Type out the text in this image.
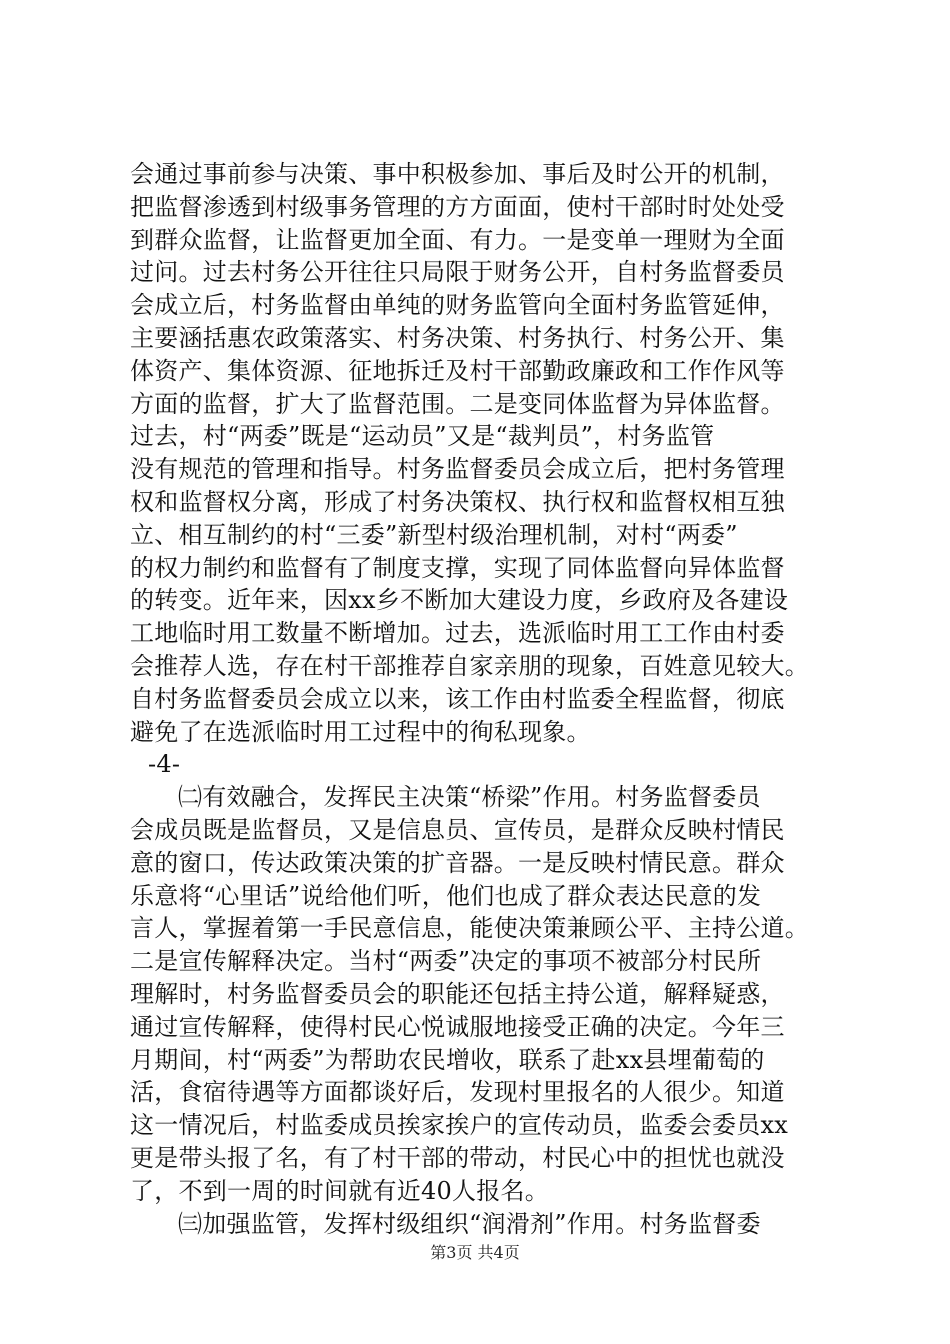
会通过事前参与决策、事中积极参加、事后及时公开的机制，
把监督渗透到村级事务管理的方方面面，使村干部时时处处受
到群众监督，让监督更加全面、有力。一是变单一理财为全面
过问。过去村务公开往往只局限于财务公开，自村务监督委员
会成立后，村务监督由单纯的财务监管向全面村务监管延伸，
主要涵括惠农政策落实、村务决策、村务执行、村务公开、集
体资产、集体资源、征地拆迁及村干部勤政廉政和工作作风等
方面的监督，扩大了监督范围。二是变同体监督为异体监督。
过去，村“两委”既是“运动员”又是“裁判员”，村务监管
没有规范的管理和指导。村务监督委员会成立后，把村务管理
权和监督权分离，形成了村务决策权、执行权和监督权相互独
立、相互制约的村“三委”新型村级治理机制，对村“两委”
的权力制约和监督有了制度支撑，实现了同体监督向异体监督
的转变。近年来，因xx乡不断加大建设力度，乡政府及各建设
工地临时用工数量不断增加。过去，选派临时用工工作由村委
会推荐人选，存在村干部推荐自家亲朋的现象，百姓意见较大。
自村务监督委员会成立以来，该工作由村监委全程监督，彻底
避免了在选派临时用工过程中的徇私现象。
-4-
㈡有效融合，发挥民主决策“桥梁”作用。村务监督委员
会成员既是监督员，又是信息员、宣传员，是群众反映村情民
意的窗口，传达政策决策的扩音器。一是反映村情民意。群众
乐意将“心里话”说给他们听，他们也成了群众表达民意的发
言人，掌握着第一手民意信息，能使决策兼顾公平、主持公道。
二是宣传解释决定。当村“两委”决定的事项不被部分村民所
理解时，村务监督委员会的职能还包括主持公道，解释疑惑，
通过宣传解释，使得村民心悦诚服地接受正确的决定。今年三
月期间，村“两委”为帮助农民增收，联系了赴xx县埋葡萄的
活，食宿待遇等方面都谈好后，发现村里报名的人很少。知道
这一情况后，村监委成员挨家挨户的宣传动员，监委会委员xx
更是带头报了名，有了村干部的带动，村民心中的担忧也就没
了，不到一周的时间就有近40人报名。
㈢加强监管，发挥村级组织“润滑剂”作用。村务监督委
第3页 共4页
